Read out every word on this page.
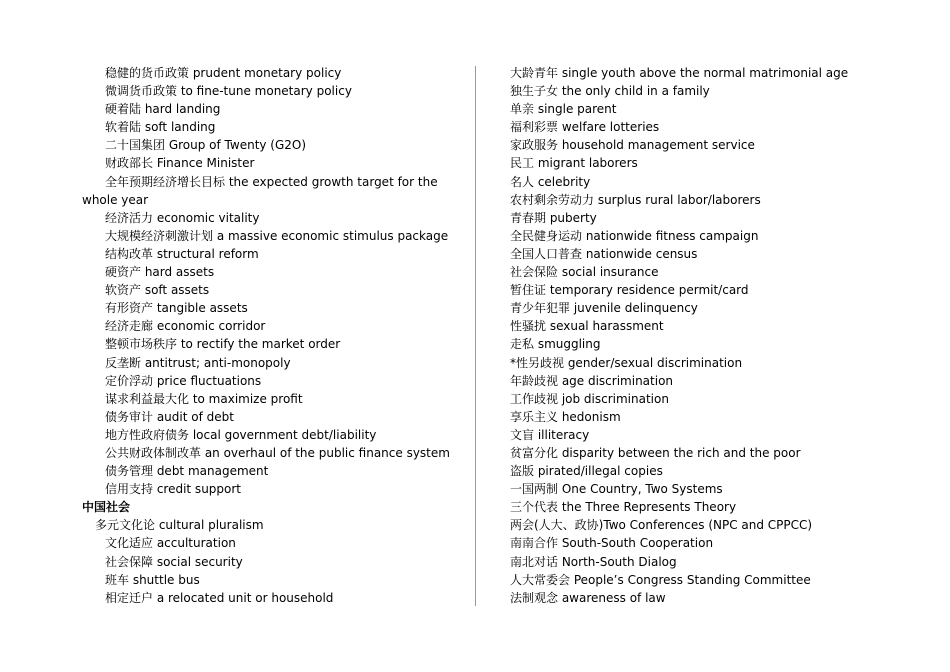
稳健的货币政策 prudent monetary policy
微调货币政策 to fine-tune monetary policy
硬着陆 hard landing
软着陆 soft landing
二十国集团 Group of Twenty (G2O)
财政部长 Finance Minister
全年预期经济增长目标 the expected growth target for the whole year
经济活力 economic vitality
大规模经济刺激计划 a massive economic stimulus package
结构改革 structural reform
硬资产 hard assets
软资产 soft assets
有形资产 tangible assets
经济走廊 economic corridor
整顿市场秩序 to rectify the market order
反垄断 antitrust; anti-monopoly
定价浮动 price fluctuations
谋求利益最大化 to maximize profit
债务审计 audit of debt
地方性政府债务 local government debt/liability
公共财政体制改革 an overhaul of the public finance system
债务管理 debt management
信用支持 credit support
中国社会
多元文化论 cultural pluralism
文化适应 acculturation
社会保障 social security
班车 shuttle bus
相定迁户 a relocated unit or household
大龄青年 single youth above the normal matrimonial age
独生子女 the only child in a family
单亲 single parent
福利彩票 welfare lotteries
家政服务 household management service
民工 migrant laborers
名人 celebrity
农村剩余劳动力 surplus rural labor/laborers
青春期 puberty
全民健身运动 nationwide fitness campaign
全国人口普查 nationwide census
社会保险 social insurance
暂住证 temporary residence permit/card
青少年犯罪 juvenile delinquency
性骚扰 sexual harassment
走私 smuggling
*性另歧视 gender/sexual discrimination
年龄歧视 age discrimination
工作歧视 job discrimination
享乐主义 hedonism
文盲 illiteracy
贫富分化 disparity between the rich and the poor
盗版 pirated/illegal copies
一国两制 One Country, Two Systems
三个代表 the Three Represents Theory
两会(人大、政协)Two Conferences (NPC and CPPCC)
南南合作 South-South Cooperation
南北对话 North-South Dialog
人大常委会 People’s Congress Standing Committee
法制观念 awareness of law
